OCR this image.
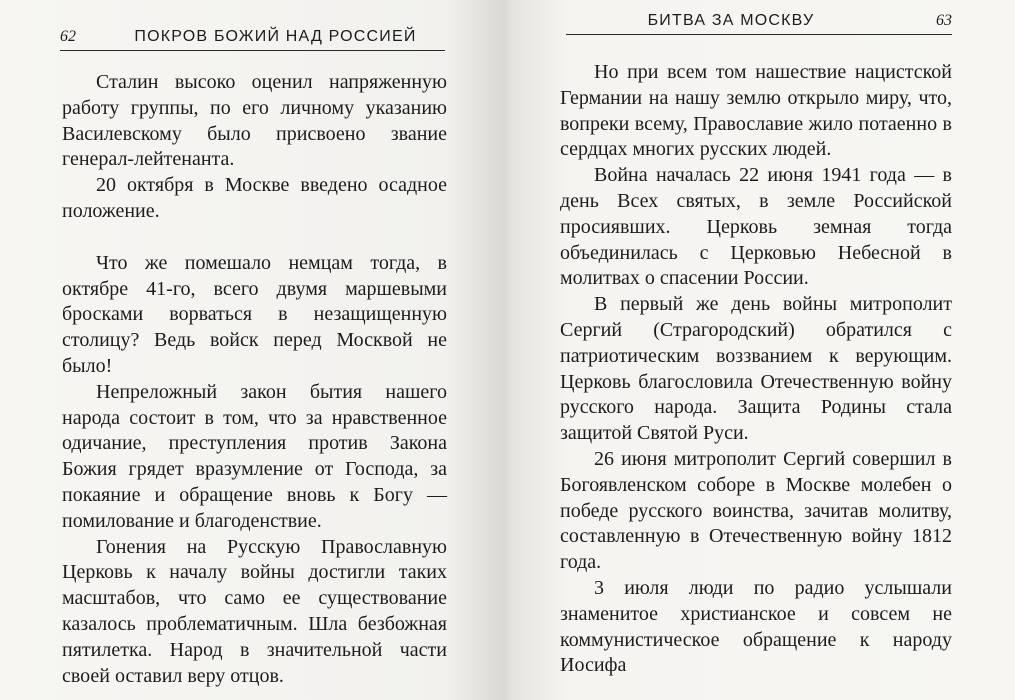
62	ПОКРОВ БОЖИЙ НАД РОССИЕЙ

Сталин высоко оценил напряженную работу группы, по его личному указанию Василевскому было присвоено звание генерал-лейтенанта.

20 октября в Москве введено осадное положение.

Что же помешало немцам тогда, в октябре 41-го, всего двумя маршевыми бросками ворваться в незащищенную столицу? Ведь войск перед Москвой не было!

Непреложный закон бытия нашего народа состоит в том, что за нравственное одичание, преступления против Закона Божия грядет вразумление от Господа, за покаяние и обращение вновь к Богу — помилование и благоденствие.

Гонения на Русскую Православную Церковь к началу войны достигли таких масштабов, что само ее существование казалось проблематичным. Шла безбожная пятилетка. Народ в значительной части своей оставил веру отцов.

БИТВА ЗА МОСКВУ	63

Но при всем том нашествие нацистской Германии на нашу землю открыло миру, что, вопреки всему, Православие жило потаенно в сердцах многих русских людей.

Война началась 22 июня 1941 года — в день Всех святых, в земле Российской просиявших. Церковь земная тогда объединилась с Церковью Небесной в молитвах о спасении России.

В первый же день войны митрополит Сергий (Страгородский) обратился с патриотическим воззванием к верующим. Церковь благословила Отечественную войну русского народа. Защита Родины стала защитой Святой Руси.

26 июня митрополит Сергий совершил в Богоявленском соборе в Москве молебен о победе русского воинства, зачитав молитву, составленную в Отечественную войну 1812 года.

3 июля люди по радио услышали знаменитое христианское и совсем не коммунистическое обращение к народу Иосифа
